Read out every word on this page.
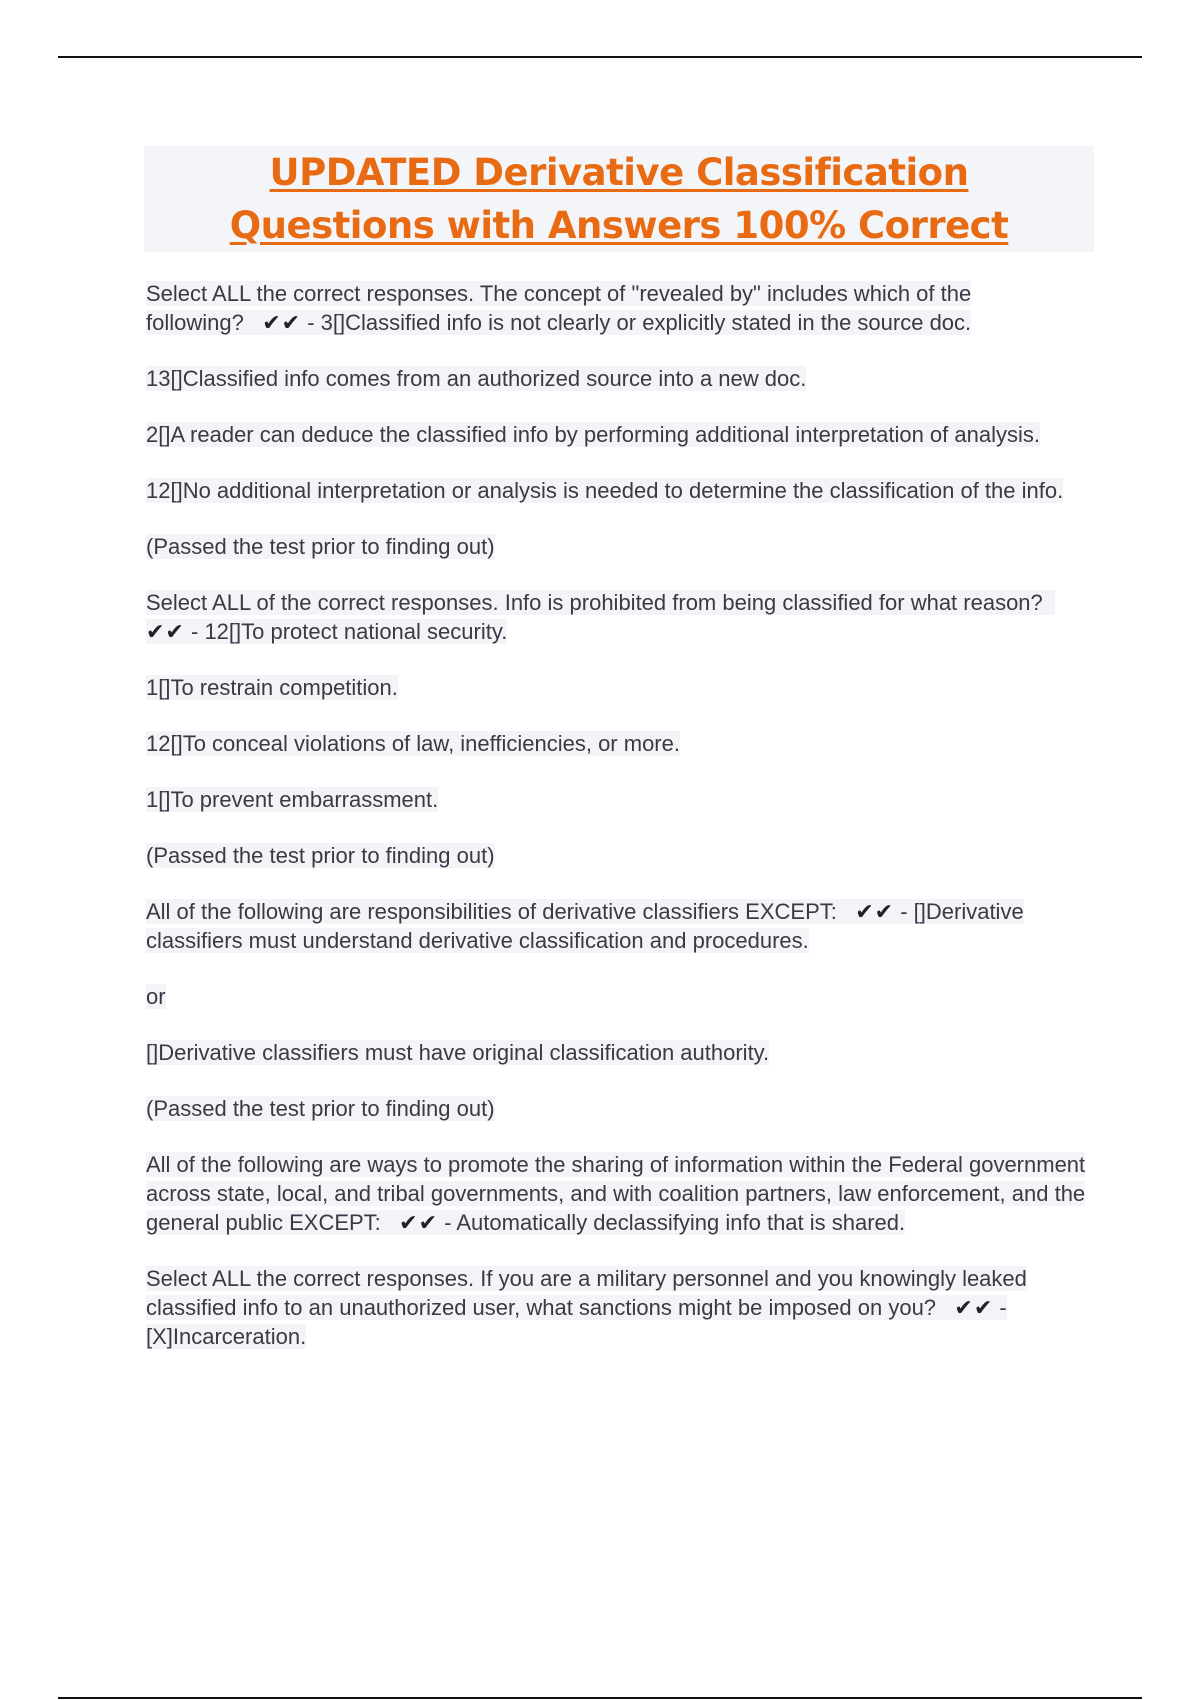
UPDATED Derivative Classification
Questions with Answers 100% Correct

Select ALL the correct responses. The concept of "revealed by" includes which of the following? ✔✔ - 3[]Classified info is not clearly or explicitly stated in the source doc.

13[]Classified info comes from an authorized source into a new doc.

2[]A reader can deduce the classified info by performing additional interpretation of analysis.

12[]No additional interpretation or analysis is needed to determine the classification of the info.

(Passed the test prior to finding out)

Select ALL of the correct responses. Info is prohibited from being classified for what reason?   ✔✔ - 12[]To protect national security.

1[]To restrain competition.

12[]To conceal violations of law, inefficiencies, or more.

1[]To prevent embarrassment.

(Passed the test prior to finding out)

All of the following are responsibilities of derivative classifiers EXCEPT: ✔✔ - []Derivative classifiers must understand derivative classification and procedures.

or

[]Derivative classifiers must have original classification authority.

(Passed the test prior to finding out)

All of the following are ways to promote the sharing of information within the Federal government across state, local, and tribal governments, and with coalition partners, law enforcement, and the general public EXCEPT: ✔✔ - Automatically declassifying info that is shared.

Select ALL the correct responses. If you are a military personnel and you knowingly leaked classified info to an unauthorized user, what sanctions might be imposed on you? ✔✔ - [X]Incarceration.
